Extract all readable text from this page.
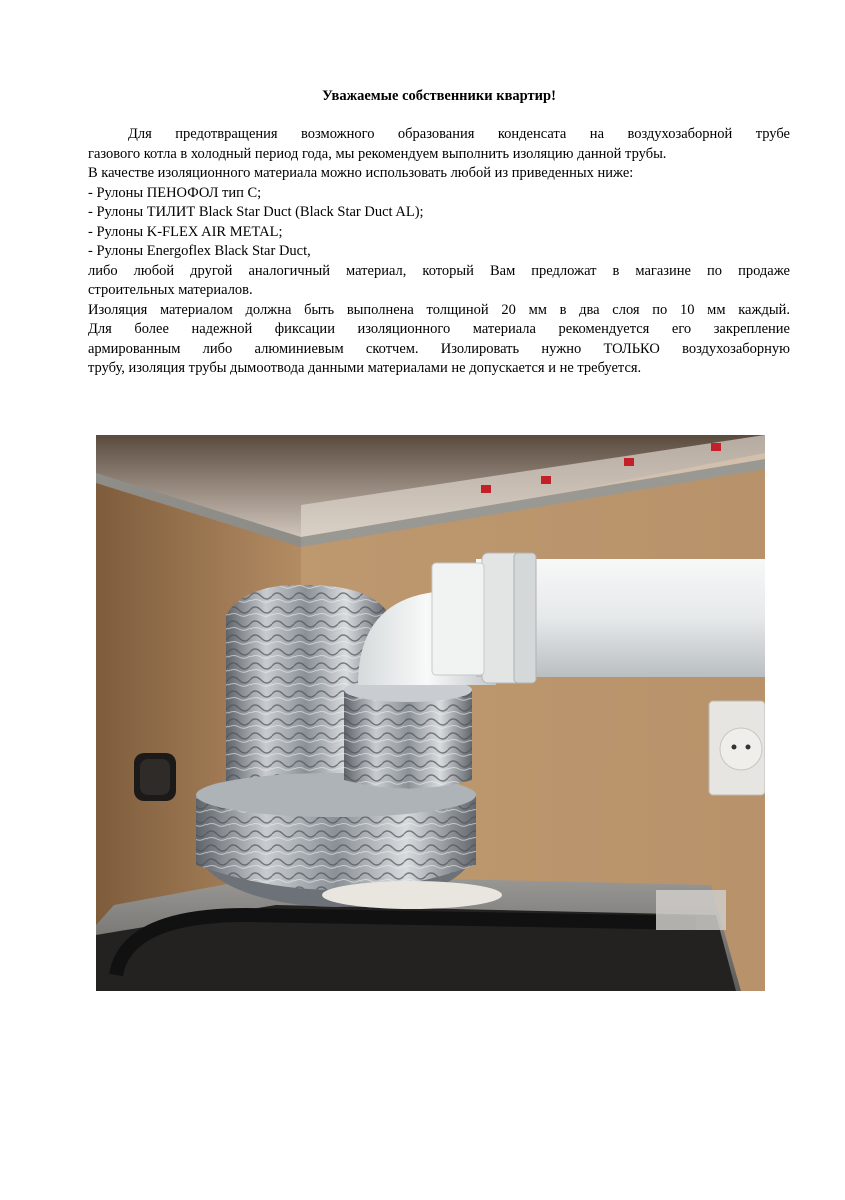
Уважаемые собственники квартир!
Для предотвращения возможного образования конденсата на воздухозаборной трубе
газового котла в холодный период года, мы рекомендуем выполнить изоляцию данной трубы.
В качестве изоляционного материала можно использовать любой из приведенных ниже:
- Рулоны ПЕНОФОЛ тип С;
- Рулоны ТИЛИТ Black Star Duct (Black Star Duct AL);
- Рулоны K-FLEX AIR METAL;
- Рулоны Energoflex Black Star Duct,
либо любой другой аналогичный материал, который Вам предложат в магазине по продаже
строительных материалов.
Изоляция материалом должна быть выполнена толщиной 20 мм в два слоя по 10 мм каждый.
Для более надежной фиксации изоляционного материала рекомендуется его закрепление
армированным либо алюминиевым скотчем. Изолировать нужно ТОЛЬКО воздухозаборную
трубу, изоляция трубы дымоотвода данными материалами не допускается и не требуется.
